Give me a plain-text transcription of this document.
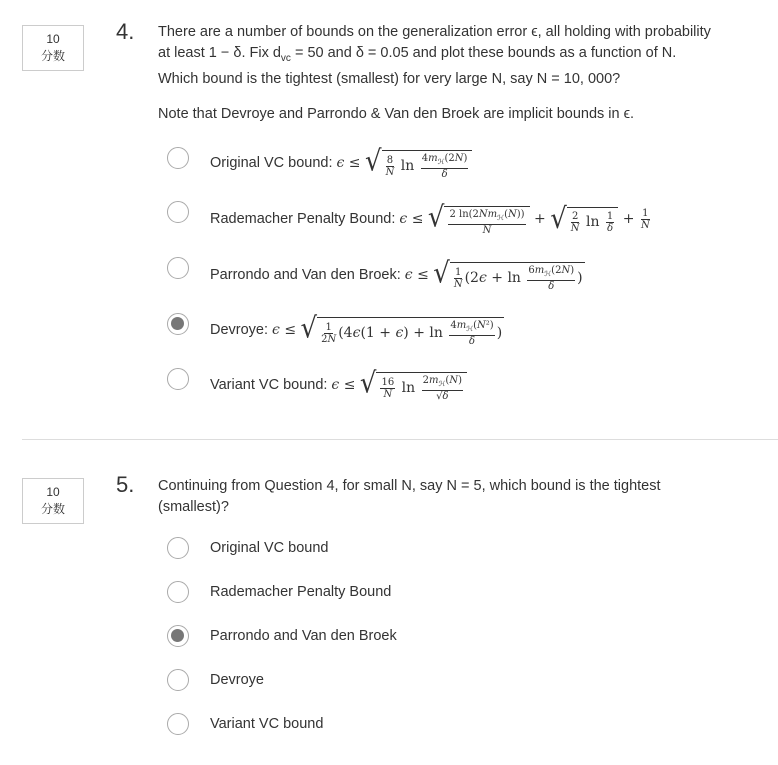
10
分数
4. There are a number of bounds on the generalization error ϵ, all holding with probability
at least 1 − δ. Fix $d_{vc} = 50$ and δ = 0.05 and plot these bounds as a function of N.
Which bound is the tightest (smallest) for very large N, say N = 10, 000?
Note that Devroye and Parrondo & Van den Broek are implicit bounds in ϵ.
Original VC bound: ϵ ≤ √ $\frac{8}{N}$ $\ln \frac{4m_ℋ(2N)}{\delta}$
Rademacher Penalty Bound: ϵ ≤ √ $\frac{2 \ln(2Nm_ℋ(N))}{N}$ + √ $\frac{2}{N}$ $\ln \frac{1}{\delta} + \frac{1}{N}$
Parrondo and Van den Broek: ϵ ≤ √ $\frac{1}{N} (2$ $\epsilon + \ln \frac{6m_ℋ(2N)}{\delta}$ )
Devroye: ϵ ≤ √ $\frac{1}{2N} (4$ ϵ (1 + ϵ ) + $\ln \frac{4m_ℋ(N^2)}{\delta}$ )
Variant VC bound: ϵ ≤ √ $\frac{16}{N}$ $\ln \frac{2m_ℋ(N)}{√\delta}$
10
分数
5. Continuing from Question 4, for small N, say N = 5, which bound is the tightest
(smallest)?
Original VC bound
Rademacher Penalty Bound
Parrondo and Van den Broek
Devroye
Variant VC bound
